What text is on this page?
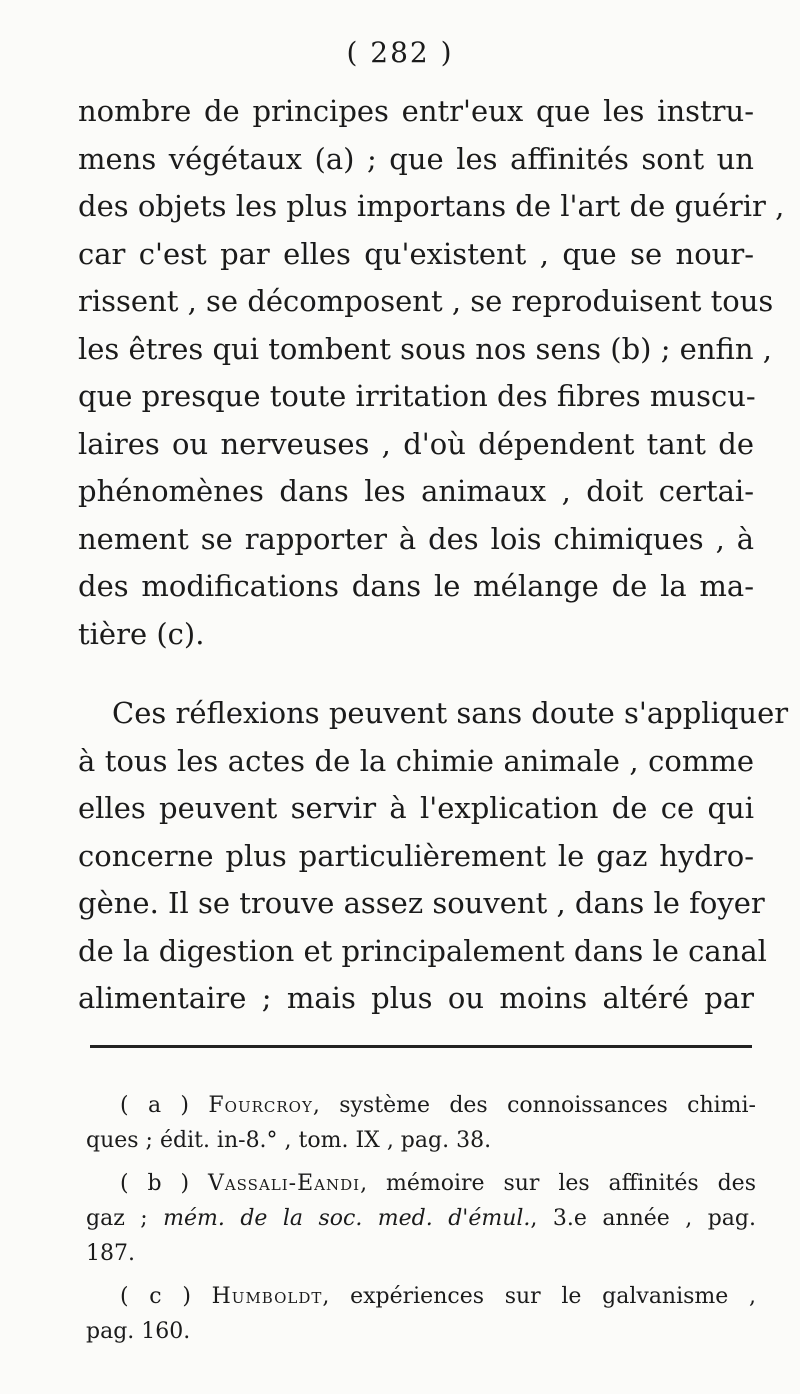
( 282 )
nombre de principes entr'eux que les instru-
mens végétaux (a) ; que les affinités sont un
des objets les plus importans de l'art de guérir ,
car c'est par elles qu'existent , que se nour-
rissent , se décomposent , se reproduisent tous
les êtres qui tombent sous nos sens (b) ; enfin ,
que presque toute irritation des fibres muscu-
laires ou nerveuses , d'où dépendent tant de
phénomènes dans les animaux , doit certai-
nement se rapporter à des lois chimiques , à
des modifications dans le mélange de la ma-
tière (c).
Ces réflexions peuvent sans doute s'appliquer
à tous les actes de la chimie animale , comme
elles peuvent servir à l'explication de ce qui
concerne plus particulièrement le gaz hydro-
gène. Il se trouve assez souvent , dans le foyer
de la digestion et principalement dans le canal
alimentaire ; mais plus ou moins altéré par
( a ) Fourcroy, système des connoissances chimi-
ques ; édit. in-8.° , tom. IX , pag. 38.
( b ) Vassali-Eandi, mémoire sur les affinités des
gaz ; mém. de la soc. med. d'émul., 3.e année , pag.
187.
( c ) Humboldt, expériences sur le galvanisme ,
pag. 160.
